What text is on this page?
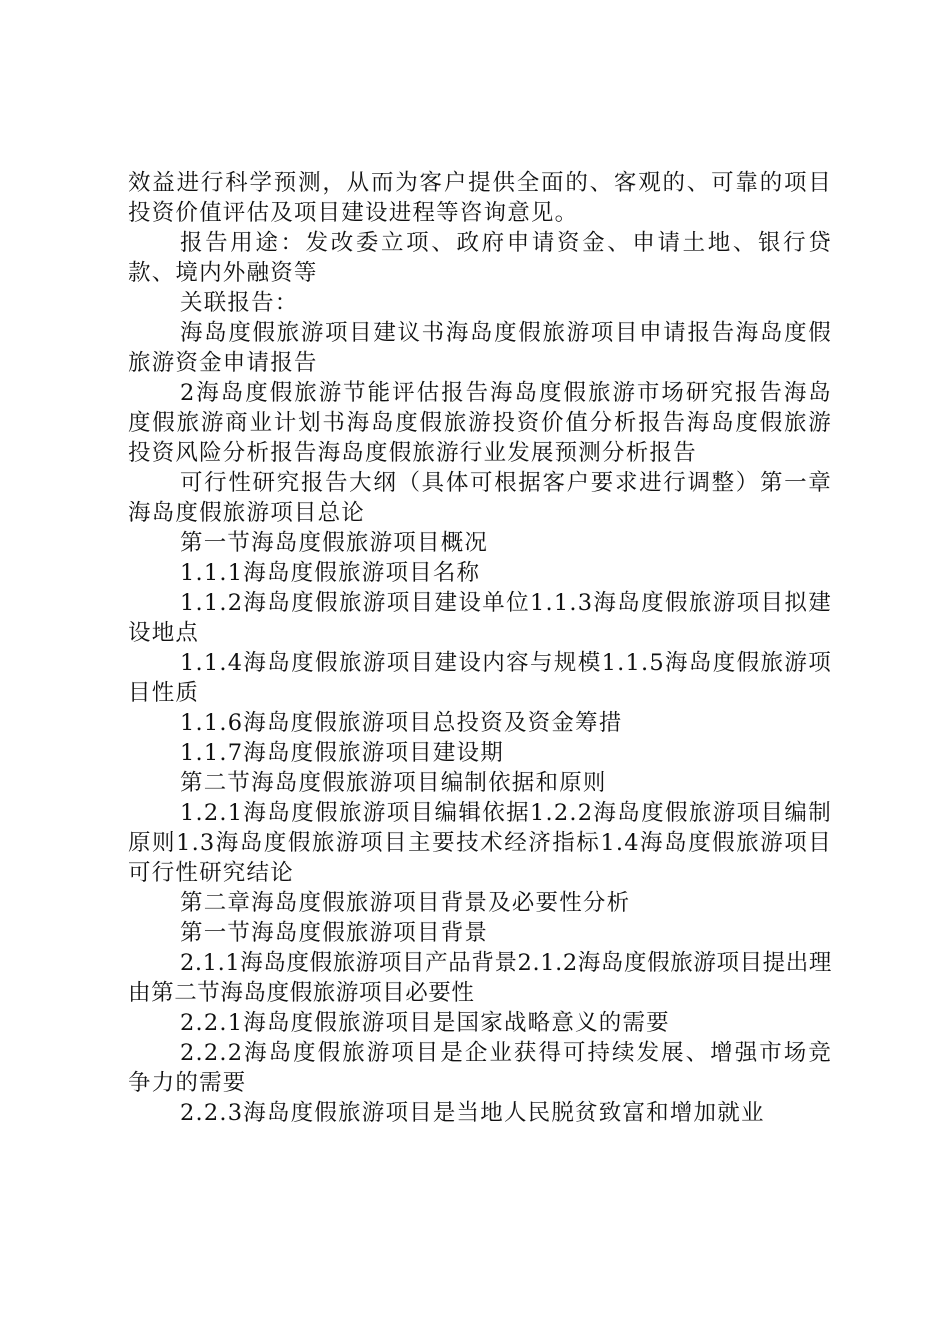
效益进行科学预测，从而为客户提供全面的、客观的、可靠的项目投资价值评估及项目建设进程等咨询意见。

报告用途：发改委立项、政府申请资金、申请土地、银行贷款、境内外融资等

关联报告：

海岛度假旅游项目建议书海岛度假旅游项目申请报告海岛度假旅游资金申请报告

2海岛度假旅游节能评估报告海岛度假旅游市场研究报告海岛度假旅游商业计划书海岛度假旅游投资价值分析报告海岛度假旅游投资风险分析报告海岛度假旅游行业发展预测分析报告

可行性研究报告大纲（具体可根据客户要求进行调整）第一章海岛度假旅游项目总论

第一节海岛度假旅游项目概况

1.1.1海岛度假旅游项目名称

1.1.2海岛度假旅游项目建设单位1.1.3海岛度假旅游项目拟建设地点

1.1.4海岛度假旅游项目建设内容与规模1.1.5海岛度假旅游项目性质

1.1.6海岛度假旅游项目总投资及资金筹措

1.1.7海岛度假旅游项目建设期

第二节海岛度假旅游项目编制依据和原则

1.2.1海岛度假旅游项目编辑依据1.2.2海岛度假旅游项目编制原则1.3海岛度假旅游项目主要技术经济指标1.4海岛度假旅游项目可行性研究结论

第二章海岛度假旅游项目背景及必要性分析

第一节海岛度假旅游项目背景

2.1.1海岛度假旅游项目产品背景2.1.2海岛度假旅游项目提出理由第二节海岛度假旅游项目必要性

2.2.1海岛度假旅游项目是国家战略意义的需要

2.2.2海岛度假旅游项目是企业获得可持续发展、增强市场竞争力的需要

2.2.3海岛度假旅游项目是当地人民脱贫致富和增加就业
